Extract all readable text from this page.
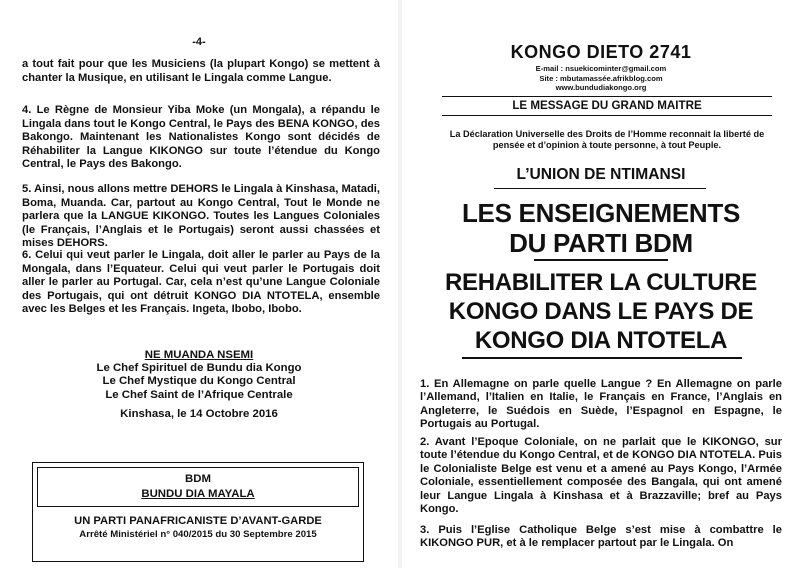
-4-
a tout fait pour que les Musiciens (la plupart Kongo) se mettent à chanter la Musique, en utilisant le Lingala comme Langue.
4. Le Règne de Monsieur Yiba Moke (un Mongala), a répandu le Lingala dans tout le Kongo Central, le Pays des BENA KONGO, des Bakongo. Maintenant les Nationalistes Kongo sont décidés de Réhabiliter la Langue KIKONGO sur toute l’étendue du Kongo Central, le Pays des Bakongo.
5. Ainsi, nous allons mettre DEHORS le Lingala à Kinshasa, Matadi, Boma, Muanda. Car, partout au Kongo Central, Tout le Monde ne parlera que la LANGUE KIKONGO. Toutes les Langues Coloniales (le Français, l’Anglais et le Portugais) seront aussi chassées et mises DEHORS.
6. Celui qui veut parler le Lingala, doit aller le parler au Pays de la Mongala, dans l’Equateur. Celui qui veut parler le Portugais doit aller le parler au Portugal. Car, cela n’est qu’une Langue Coloniale des Portugais, qui ont détruit KONGO DIA NTOTELA, ensemble avec les Belges et les Français. Ingeta, Ibobo, Ibobo.
NE MUANDA NSEMI
Le Chef Spirituel de Bundu dia Kongo
Le Chef Mystique du Kongo Central
Le Chef Saint de l’Afrique Centrale
Kinshasa, le 14 Octobre 2016
BDM
BUNDU DIA MAYALA
UN PARTI PANAFRICANISTE D’AVANT-GARDE
Arrêté Ministériel n° 040/2015 du 30 Septembre 2015
KONGO DIETO 2741
E-mail : nsuekicominter@gmail.com
Site : mbutamassée.afrikblog.com
www.bundudiakongo.org
LE MESSAGE DU GRAND MAITRE
La Déclaration Universelle des Droits de l’Homme reconnait la liberté de pensée et d’opinion à toute personne, à tout Peuple.
L’UNION DE NTIMANSI
LES ENSEIGNEMENTS
DU PARTI BDM
REHABILITER LA CULTURE
KONGO DANS LE PAYS DE
KONGO DIA NTOTELA
1. En Allemagne on parle quelle Langue ? En Allemagne on parle l’Allemand, l’Italien en Italie, le Français en France, l’Anglais en Angleterre, le Suédois en Suède, l’Espagnol en Espagne, le Portugais au Portugal.
2. Avant l’Epoque Coloniale, on ne parlait que le KIKONGO, sur toute l’étendue du Kongo Central, et de KONGO DIA NTOTELA. Puis le Colonialiste Belge est venu et a amené au Pays Kongo, l’Armée Coloniale, essentiellement composée des Bangala, qui ont amené leur Langue Lingala à Kinshasa et à Brazzaville; bref au Pays Kongo.
3. Puis l’Eglise Catholique Belge s’est mise à combattre le KIKONGO PUR, et à le remplacer partout par le Lingala. On
